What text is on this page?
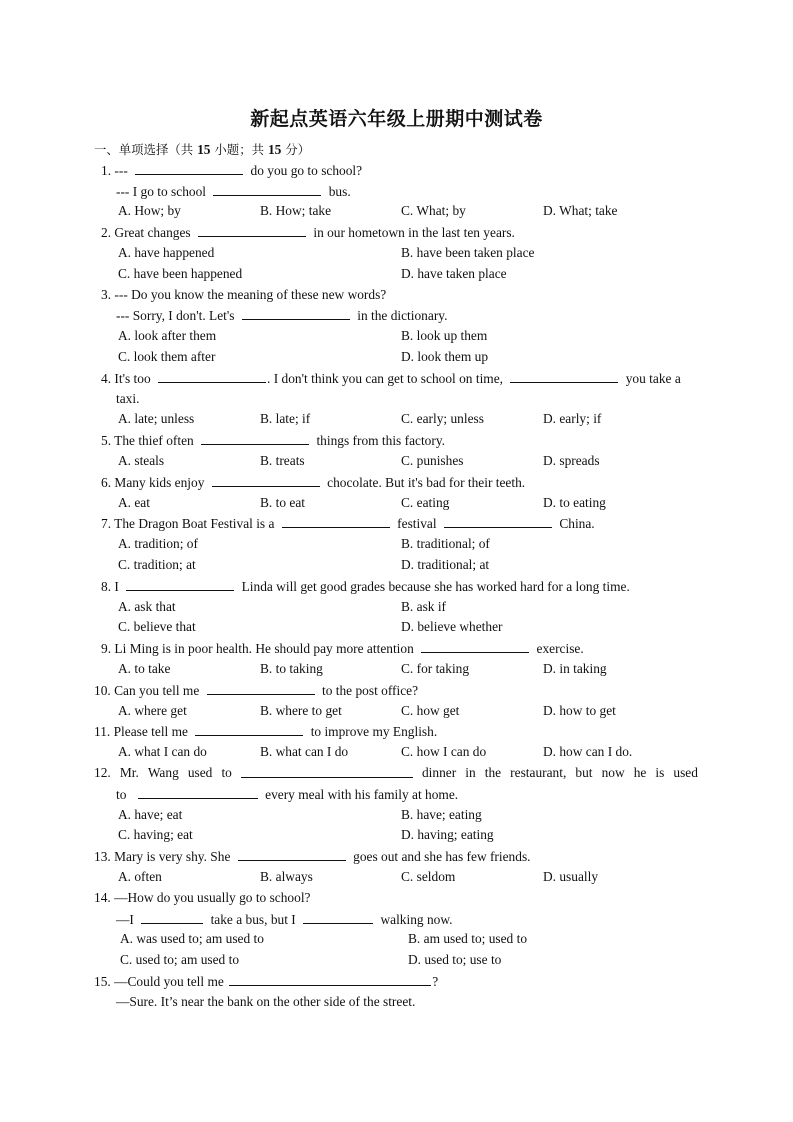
新起点英语六年级上册期中测试卷
一、单项选择（共 15 小题；共 15 分）
1. ---	do you go to school?
--- I go to school	bus.
A. How; by	B. How; take	C. What; by	D. What; take
2. Great changes	in our hometown in the last ten years.
A. have happened	B. have been taken place
C. have been happened	D. have taken place
3. --- Do you know the meaning of these new words?
--- Sorry, I don't. Let's	in the dictionary.
A. look after them	B. look up them
C. look them after	D. look them up
4. It's too	. I don't think you can get to school on time,	you take a
taxi.
A. late; unless	B. late; if	C. early; unless	D. early; if
5. The thief often	things from this factory.
A. steals	B. treats	C. punishes	D. spreads
6. Many kids enjoy	chocolate. But it's bad for their teeth.
A. eat	B. to eat	C. eating	D. to eating
7. The Dragon Boat Festival is a	festival	China.
A. tradition; of	B. traditional; of
C. tradition; at	D. traditional; at
8. I	Linda will get good grades because she has worked hard for a long time.
A. ask that	B. ask if
C. believe that	D. believe whether
9. Li Ming is in poor health. He should pay more attention	exercise.
A. to take	B. to taking	C. for taking	D. in taking
10. Can you tell me	to the post office?
A. where get	B. where to get	C. how get	D. how to get
11. Please tell me	to improve my English.
A. what I can do	B. what can I do	C. how I can do	D. how can I do.
12. Mr. Wang used to	dinner in the restaurant, but now he is used
to	every meal with his family at home.
A. have; eat	B. have; eating
C. having; eat	D. having; eating
13. Mary is very shy. She	goes out and she has few friends.
A. often	B. always	C. seldom	D. usually
14. —How do you usually go to school?
—I	take a bus, but I	walking now.
A. was used to; am used to	B. am used to; used to
C. used to; am used to	D. used to; use to
15. —Could you tell me	?
—Sure. It’s near the bank on the other side of the street.
